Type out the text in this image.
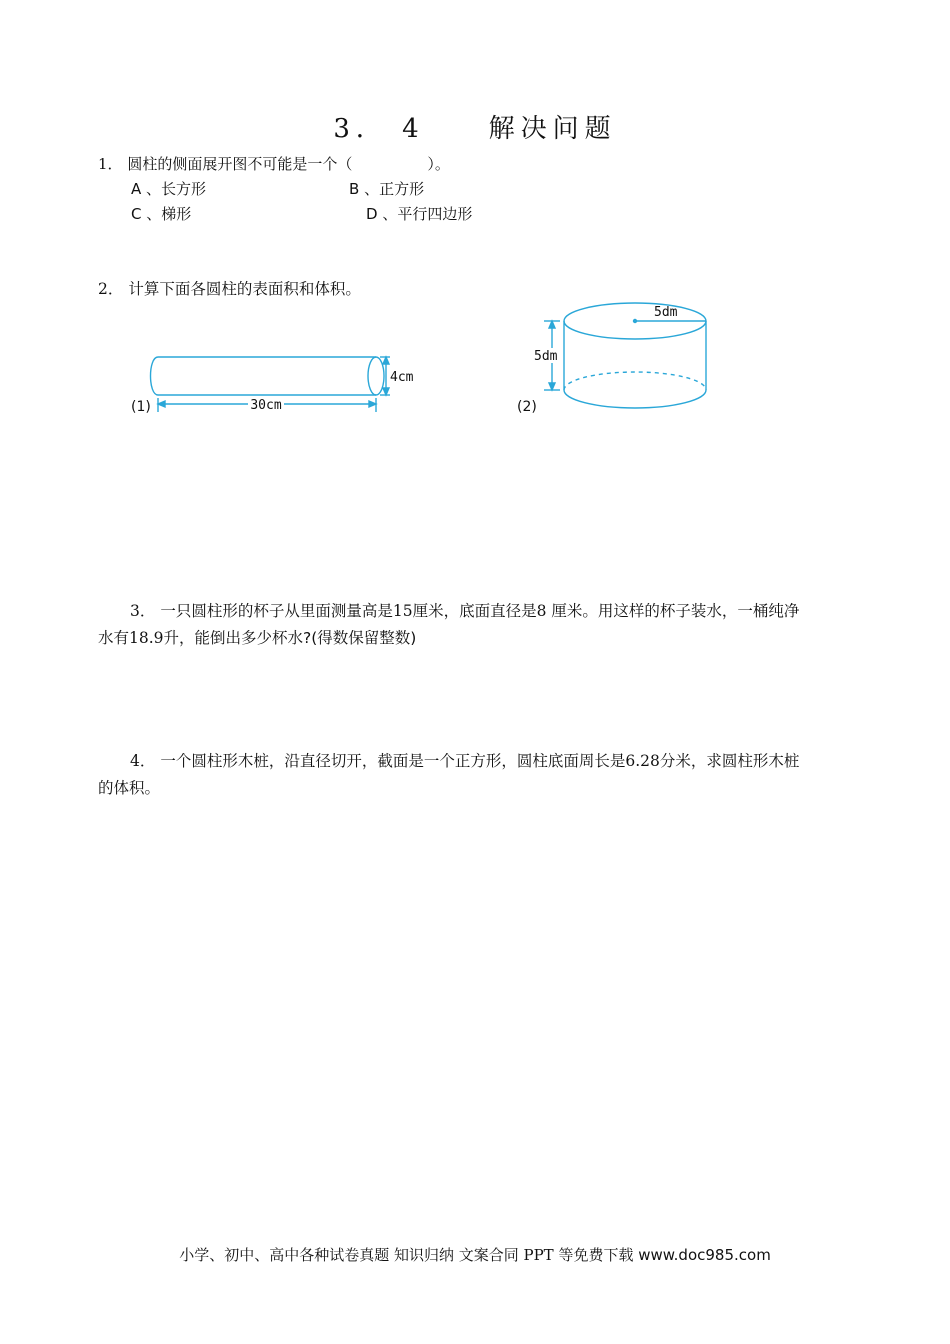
3． 4　　解决问题
1． 圆柱的侧面展开图不可能是一个（　　　　　）。
A 、长方形	B 、正方形
C 、梯形	D 、平行四边形
2． 计算下面各圆柱的表面积和体积。
30cm
4cm
(1)
5dm
5dm
(2)
3． 一只圆柱形的杯子从里面测量高是15厘米，底面直径是8 厘米。用这样的杯子装水，一桶纯净
水有18.9升，能倒出多少杯水?(得数保留整数)
4． 一个圆柱形木桩，沿直径切开，截面是一个正方形，圆柱底面周长是6.28分米，求圆柱形木桩
的体积。
小学、初中、高中各种试卷真题 知识归纳 文案合同 PPT 等免费下载 www.doc985.com
